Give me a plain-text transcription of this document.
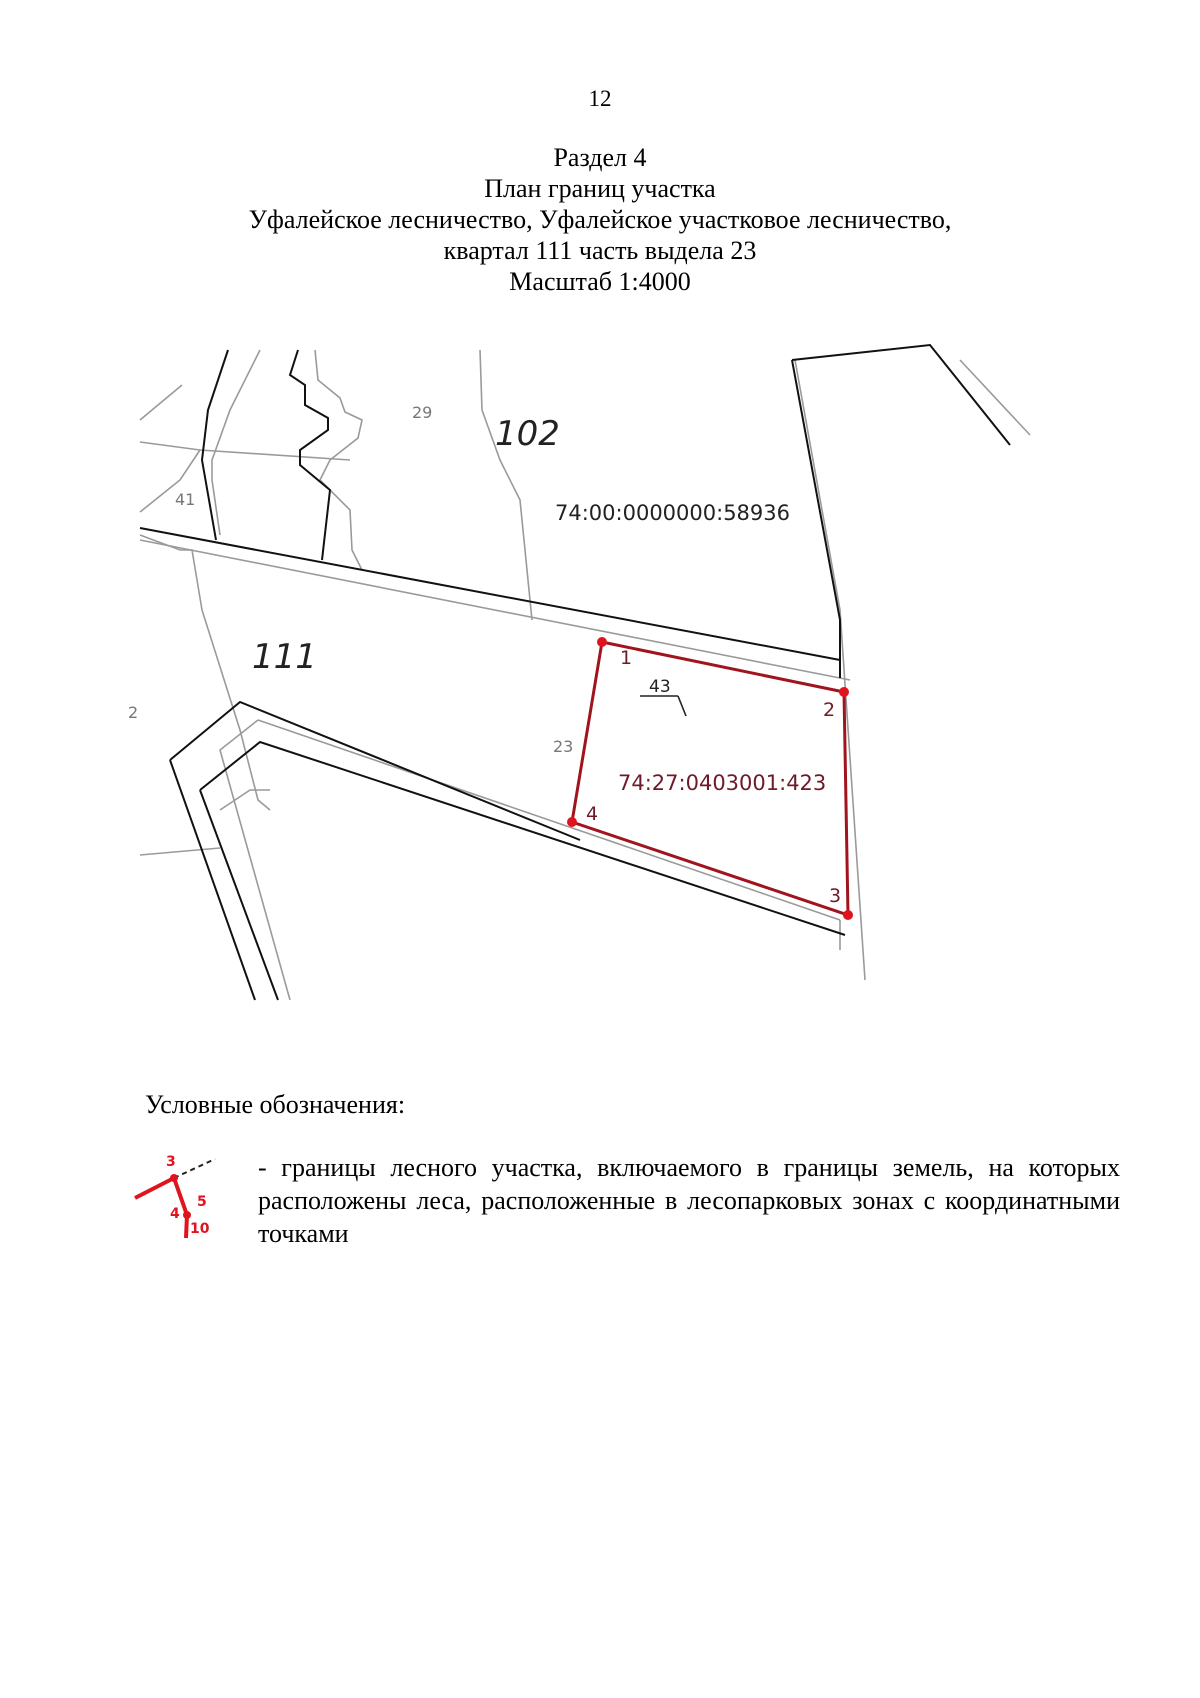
12
Раздел 4
План границ участка
Уфалейское лесничество, Уфалейское участковое лесничество,
квартал 111 часть выдела 23
Масштаб 1:4000
102
111
29
41
23
2
74:00:0000000:58936
74:27:0403001:423
43
1
2
3
4
Условные обозначения:
3
5
4
10
- границы лесного участка, включаемого в границы земель, на которых расположены леса, расположенные в лесопарковых зонах с координатными точками
